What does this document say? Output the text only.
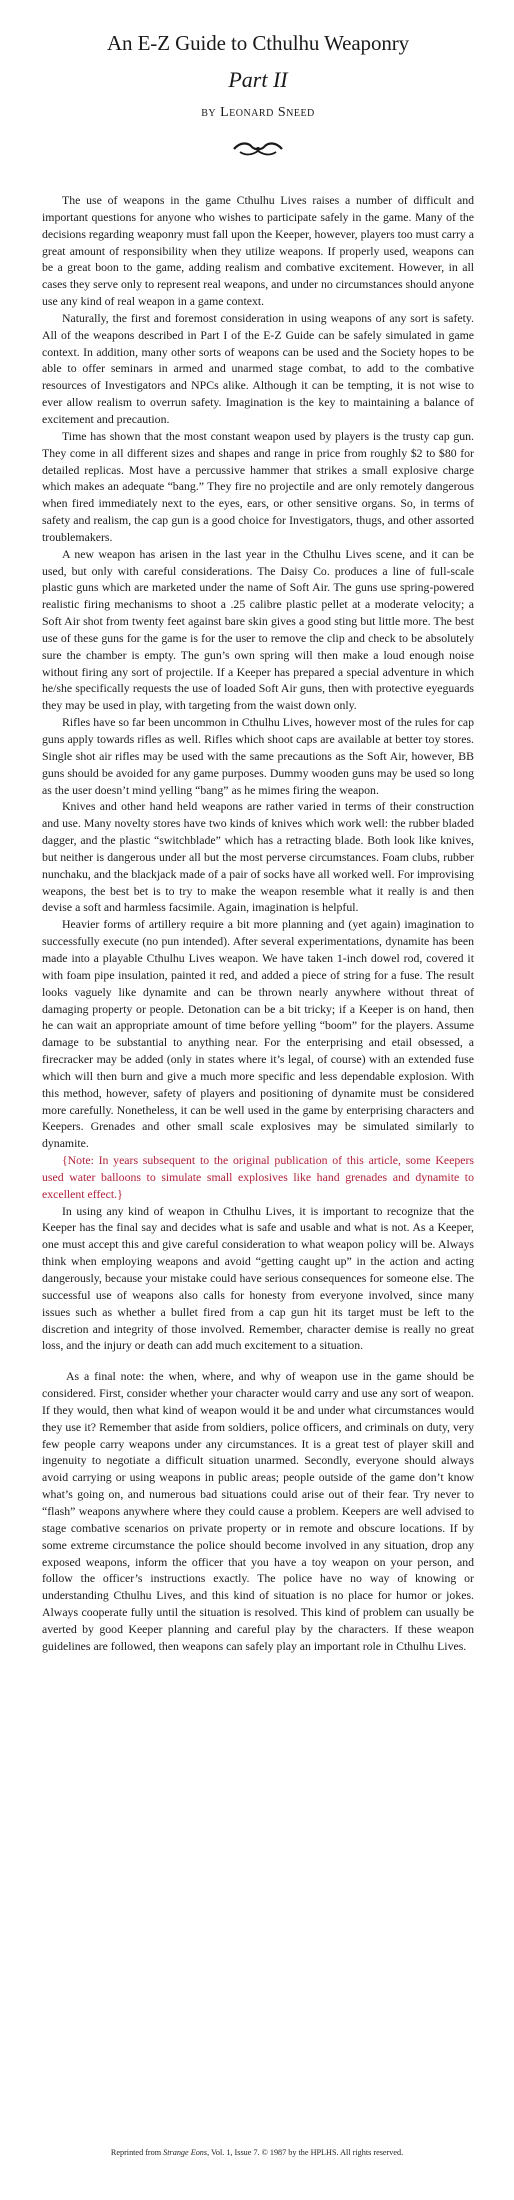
An E-Z Guide to Cthulhu Weaponry
Part II
by Leonard Sneed

The use of weapons in the game Cthulhu Lives raises a number of difficult and important questions for anyone who wishes to participate safely in the game. Many of the decisions regarding weaponry must fall upon the Keeper, however, players too must carry a great amount of responsibility when they utilize weapons. If properly used, weapons can be a great boon to the game, adding realism and combative excitement. However, in all cases they serve only to represent real weapons, and under no circumstances should anyone use any kind of real weapon in a game context.

Naturally, the first and foremost consideration in using weapons of any sort is safety. All of the weapons described in Part I of the E-Z Guide can be safely simulated in game context. In addition, many other sorts of weapons can be used and the Society hopes to be able to offer seminars in armed and unarmed stage combat, to add to the combative resources of Investigators and NPCs alike. Although it can be tempting, it is not wise to ever allow realism to overrun safety. Imagination is the key to maintaining a balance of excitement and precaution.

Time has shown that the most constant weapon used by players is the trusty cap gun. They come in all different sizes and shapes and range in price from roughly $2 to $80 for detailed replicas. Most have a percussive hammer that strikes a small explosive charge which makes an adequate “bang.” They fire no projectile and are only remotely dangerous when fired immediately next to the eyes, ears, or other sensitive organs. So, in terms of safety and realism, the cap gun is a good choice for Investigators, thugs, and other assorted troublemakers.

A new weapon has arisen in the last year in the Cthulhu Lives scene, and it can be used, but only with careful considerations. The Daisy Co. produces a line of full-scale plastic guns which are marketed under the name of Soft Air. The guns use spring-powered realistic firing mechanisms to shoot a .25 calibre plastic pellet at a moderate velocity; a Soft Air shot from twenty feet against bare skin gives a good sting but little more. The best use of these guns for the game is for the user to remove the clip and check to be absolutely sure the chamber is empty. The gun’s own spring will then make a loud enough noise without firing any sort of projectile. If a Keeper has prepared a special adventure in which he/she specifically requests the use of loaded Soft Air guns, then with protective eyeguards they may be used in play, with targeting from the waist down only.

Rifles have so far been uncommon in Cthulhu Lives, however most of the rules for cap guns apply towards rifles as well. Rifles which shoot caps are available at better toy stores. Single shot air rifles may be used with the same precautions as the Soft Air, however, BB guns should be avoided for any game purposes. Dummy wooden guns may be used so long as the user doesn’t mind yelling “bang” as he mimes firing the weapon.

Knives and other hand held weapons are rather varied in terms of their construction and use. Many novelty stores have two kinds of knives which work well: the rubber bladed dagger, and the plastic “switchblade” which has a retracting blade. Both look like knives, but neither is dangerous under all but the most perverse circumstances. Foam clubs, rubber nunchaku, and the blackjack made of a pair of socks have all worked well. For improvising weapons, the best bet is to try to make the weapon resemble what it really is and then devise a soft and harmless facsimile. Again, imagination is helpful.

Heavier forms of artillery require a bit more planning and (yet again) imagination to successfully execute (no pun intended). After several experimentations, dynamite has been made into a playable Cthulhu Lives weapon. We have taken 1-inch dowel rod, covered it with foam pipe insulation, painted it red, and added a piece of string for a fuse. The result looks vaguely like dynamite and can be thrown nearly anywhere without threat of damaging property or people. Detonation can be a bit tricky; if a Keeper is on hand, then he can wait an appropriate amount of time before yelling “boom” for the players. Assume damage to be substantial to anything near. For the enterprising and etail obsessed, a firecracker may be added (only in states where it’s legal, of course) with an extended fuse which will then burn and give a much more specific and less dependable explosion. With this method, however, safety of players and positioning of dynamite must be considered more carefully. Nonetheless, it can be well used in the game by enterprising characters and Keepers. Grenades and other small scale explosives may be simulated similarly to dynamite.

{Note: In years subsequent to the original publication of this article, some Keepers used water balloons to simulate small explosives like hand grenades and dynamite to excellent effect.}

In using any kind of weapon in Cthulhu Lives, it is important to recognize that the Keeper has the final say and decides what is safe and usable and what is not. As a Keeper, one must accept this and give careful consideration to what weapon policy will be. Always think when employing weapons and avoid “getting caught up” in the action and acting dangerously, because your mistake could have serious consequences for someone else. The successful use of weapons also calls for honesty from everyone involved, since many issues such as whether a bullet fired from a cap gun hit its target must be left to the discretion and integrity of those involved. Remember, character demise is really no great loss, and the injury or death can add much excitement to a situation.

As a final note: the when, where, and why of weapon use in the game should be considered. First, consider whether your character would carry and use any sort of weapon. If they would, then what kind of weapon would it be and under what circumstances would they use it? Remember that aside from soldiers, police officers, and criminals on duty, very few people carry weapons under any circumstances. It is a great test of player skill and ingenuity to negotiate a difficult situation unarmed. Secondly, everyone should always avoid carrying or using weapons in public areas; people outside of the game don’t know what’s going on, and numerous bad situations could arise out of their fear. Try never to “flash” weapons anywhere where they could cause a problem. Keepers are well advised to stage combative scenarios on private property or in remote and obscure locations. If by some extreme circumstance the police should become involved in any situation, drop any exposed weapons, inform the officer that you have a toy weapon on your person, and follow the officer’s instructions exactly. The police have no way of knowing or understanding Cthulhu Lives, and this kind of situation is no place for humor or jokes. Always cooperate fully until the situation is resolved. This kind of problem can usually be averted by good Keeper planning and careful play by the characters. If these weapon guidelines are followed, then weapons can safely play an important role in Cthulhu Lives.

Reprinted from Strange Eons, Vol. 1, Issue 7. © 1987 by the HPLHS. All rights reserved.
